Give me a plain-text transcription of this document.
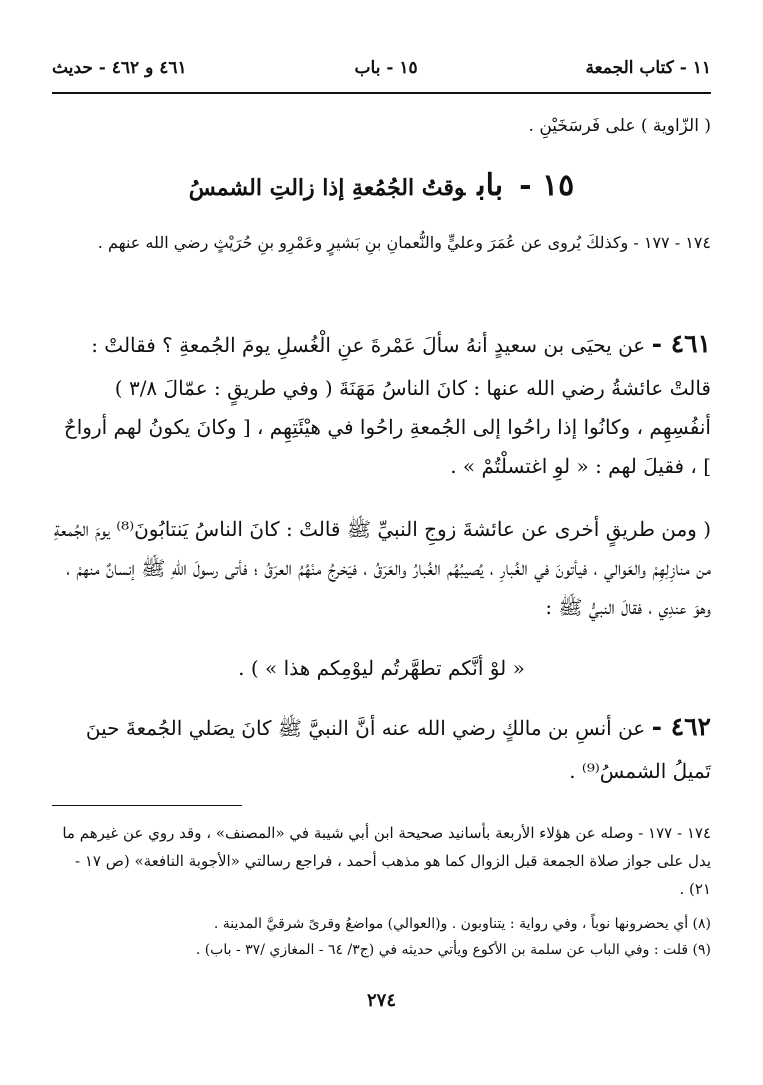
١١ - كتاب الجمعة
١٥ - باب
٤٦١ و ٤٦٢ - حديث

( الزّاوية ) على فَرسَخَيْنِ .

١٥ -بابوقتُ الجُمُعةِ إذا زالتِ الشمسُ

١٧٤ - ١٧٧ - وكذلكَ يُروى عن عُمَرَ وعليٍّ والنُّعمانِ بنِ بَشيرٍ وعَمْرِو بنِ حُرَيْثٍ رضي الله عنهم .

٤٦١ - عن يحيَى بن سعيدٍ أنهُ سألَ عَمْرةَ عنِ الْغُسلِ يومَ الجُمعةِ ؟ فقالتْ : قالتْ عائشةُ رضي الله عنها : كانَ الناسُ مَهَنَةَ ( وفي طريقٍ : عمّالَ ٣/٨ ) أنفُسِهِم ، وكانُوا إذا راحُوا إلى الجُمعةِ راحُوا في هيْئَتِهِم ، [ وكانَ يكونُ لهم أرواحٌ ] ، فقيلَ لهم : « لوِ اغتسلْتُمْ » .

( ومن طريقٍ أخرى عن عائشةَ زوجِ النبيِّ ﷺ قالتْ : كانَ الناسُ يَنتابُونَ⁽⁸⁾ يومَ الجُمعةِ من منازِلِهِمْ والعَوالي ، فيأتونَ في الغُبارِ ، يُصيبُهُم الغُبارُ والعَرَقُ ، فيَخرجُ منْهُمُ العرَقُ ؛ فأتى رسولَ اللهِ ﷺ إنسانٌ منهمْ ، وهوَ عندِي ، فقالَ النبيُّ ﷺ :

« لوْ أنَّكم تطهَّرتُم ليوْمِكم هذا » ) .

٤٦٢ - عن أنسِ بن مالكٍ رضي الله عنه أنَّ النبيَّ ﷺ كانَ يصَلي الجُمعةَ حينَ تَميلُ الشمسُ⁽⁹⁾ .

١٧٤ - ١٧٧ - وصله عن هؤلاء الأربعة بأسانيد صحيحة ابن أبي شيبة في «المصنف» ، وقد روي عن غيرهم ما يدل على جواز صلاة الجمعة قبل الزوال كما هو مذهب أحمد ، فراجع رسالتي «الأجوبة النافعة» (ص ١٧ - ٢١) .

(٨) أي يحضرونها نوباً ، وفي رواية : يتناوبون . و(العوالي) مواضعُ وقرىً شرقيَّ المدينة .

(٩) قلت : وفي الباب عن سلمة بن الأكوع ويأتي حديثه في (ج٣/ ٦٤ - المغازي /٣٧ - باب) .

٢٧٤
